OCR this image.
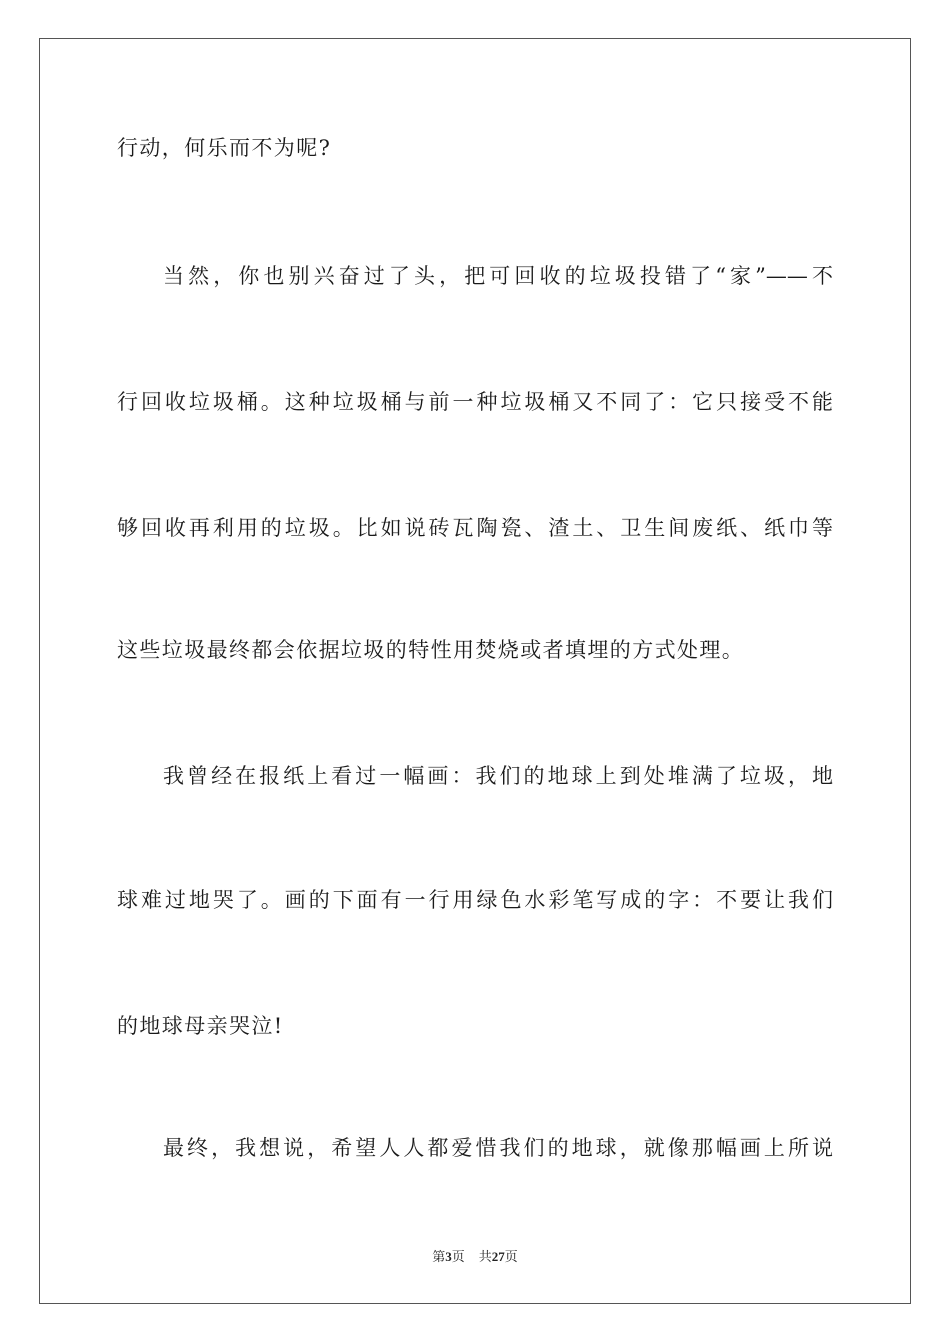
行动，何乐而不为呢?
当然，你也别兴奋过了头，把可回收的垃圾投错了“家”——不
行回收垃圾桶。这种垃圾桶与前一种垃圾桶又不同了：它只接受不能
够回收再利用的垃圾。比如说砖瓦陶瓷、渣土、卫生间废纸、纸巾等
这些垃圾最终都会依据垃圾的特性用焚烧或者填埋的方式处理。
我曾经在报纸上看过一幅画：我们的地球上到处堆满了垃圾，地
球难过地哭了。画的下面有一行用绿色水彩笔写成的字：不要让我们
的地球母亲哭泣!
最终，我想说，希望人人都爱惜我们的地球，就像那幅画上所说
第3页 共27页
